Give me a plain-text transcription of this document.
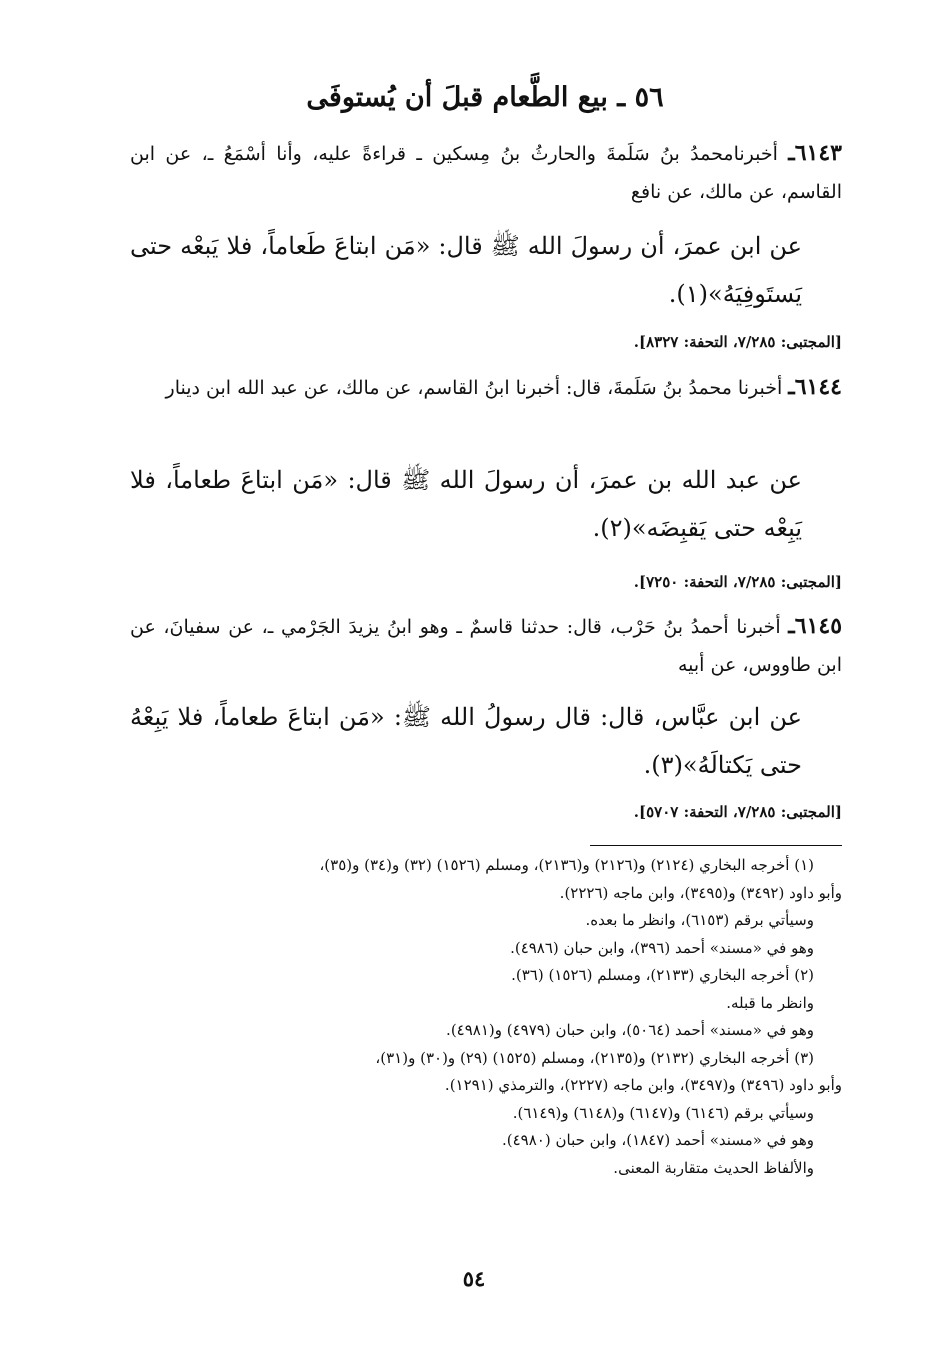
٥٦ ـ بيع الطَّعام قبلَ أن يُستوفَى
٦١٤٣ـ أخبرنامحمدُ بنُ سَلَمةَ والحارثُ بنُ مِسكين ـ قراءةً عليه، وأنا أسْمَعُ ـ، عن ابن القاسم، عن مالك، عن نافع
عن ابن عمرَ، أن رسولَ الله ﷺ قال: «مَن ابتاعَ طَعاماً، فلا يَبعْه حتى يَستَوفِيَهُ»(١).
[المجتبى: ٧/٢٨٥، التحفة: ٨٣٢٧].
٦١٤٤ـ أخبرنا محمدُ بنُ سَلَمةَ، قال: أخبرنا ابنُ القاسم، عن مالك، عن عبد الله ابن دينار
عن عبد الله بن عمرَ، أن رسولَ الله ﷺ قال: «مَن ابتاعَ طعاماً، فلا يَبِعْه حتى يَقبِضَه»(٢).
[المجتبى: ٧/٢٨٥، التحفة: ٧٢٥٠].
٦١٤٥ـ أخبرنا أحمدُ بنُ حَرْب، قال: حدثنا قاسمٌ ـ وهو ابنُ يزيدَ الجَرْمي ـ، عن سفيانَ، عن ابن طاووس، عن أبيه
عن ابن عبَّاس، قال: قال رسولُ الله ﷺ: «مَن ابتاعَ طعاماً، فلا يَبِعْهُ حتى يَكتالَهُ»(٣).
[المجتبى: ٧/٢٨٥، التحفة: ٥٧٠٧].
(١) أخرجه البخاري (٢١٢٤) و(٢١٢٦) و(٢١٣٦)، ومسلم (١٥٢٦) (٣٢) و(٣٤) و(٣٥)،
وأبو داود (٣٤٩٢) و(٣٤٩٥)، وابن ماجه (٢٢٢٦).
وسيأتي برقم (٦١٥٣)، وانظر ما بعده.
وهو في «مسند» أحمد (٣٩٦)، وابن حبان (٤٩٨٦).
(٢) أخرجه البخاري (٢١٣٣)، ومسلم (١٥٢٦) (٣٦).
وانظر ما قبله.
وهو في «مسند» أحمد (٥٠٦٤)، وابن حبان (٤٩٧٩) و(٤٩٨١).
(٣) أخرجه البخاري (٢١٣٢) و(٢١٣٥)، ومسلم (١٥٢٥) (٢٩) و(٣٠) و(٣١)،
وأبو داود (٣٤٩٦) و(٣٤٩٧)، وابن ماجه (٢٢٢٧)، والترمذي (١٢٩١).
وسيأتي برقم (٦١٤٦) و(٦١٤٧) و(٦١٤٨) و(٦١٤٩).
وهو في «مسند» أحمد (١٨٤٧)، وابن حبان (٤٩٨٠).
والألفاظ الحديث متقاربة المعنى.
٥٤
